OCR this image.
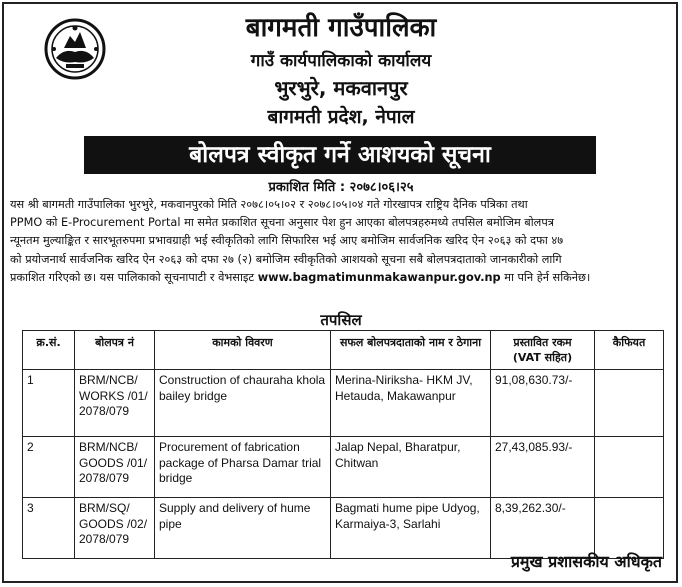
बागमती गाउँपालिका
गाउँ कार्यपालिकाको कार्यालय
भुरभुरे, मकवानपुर
बागमती प्रदेश, नेपाल
बोलपत्र स्वीकृत गर्ने आशयको सूचना
प्रकाशित मिति : २०७८।०६।२५
यस श्री बागमती गाउँपालिका भुरभुरे, मकवानपुरको मिति २०७८।०५।०२ र २०७८।०५।०४ गते गोरखापत्र राष्ट्रिय दैनिक पत्रिका तथा
PPMO को E-Procurement Portal मा समेत प्रकाशित सूचना अनुसार पेश हुन आएका बोलपत्रहरुमध्ये तपसिल बमोजिम बोलपत्र
न्यूनतम मुल्याङ्कित र सारभूतरुपमा प्रभावग्राही भई स्वीकृतिको लागि सिफारिस भई आए बमोजिम सार्वजनिक खरिद ऐन २०६३ को दफा ४७
को प्रयोजनार्थ सार्वजनिक खरिद ऐन २०६३ को दफा २७ (२) बमोजिम स्वीकृतिको आशयको सूचना सबै बोलपत्रदाताको जानकारीको लागि
प्रकाशित गरिएको छ। यस पालिकाको सूचनापाटी र वेभसाइट www.bagmatimunmakawanpur.gov.np मा पनि हेर्न सकिनेछ।
तपसिल
क्र.सं.	बोलपत्र नं	कामको विवरण	सफल बोलपत्रदाताको नाम र ठेगाना	प्रस्तावित रकम
(VAT सहित)	कैफियत
1	BRM/NCB/ WORKS /01/ 2078/079	Construction of chauraha khola bailey bridge	Merina-Niriksha- HKM JV, Hetauda, Makawanpur	91,08,630.73/-	
2	BRM/NCB/ GOODS /01/ 2078/079	Procurement of fabrication package of Pharsa Damar trial bridge	Jalap Nepal, Bharatpur, Chitwan	27,43,085.93/-	
3	BRM/SQ/ GOODS /02/ 2078/079	Supply and delivery of hume pipe	Bagmati hume pipe Udyog, Karmaiya-3, Sarlahi	8,39,262.30/-	
प्रमुख प्रशासकीय अधिकृत
